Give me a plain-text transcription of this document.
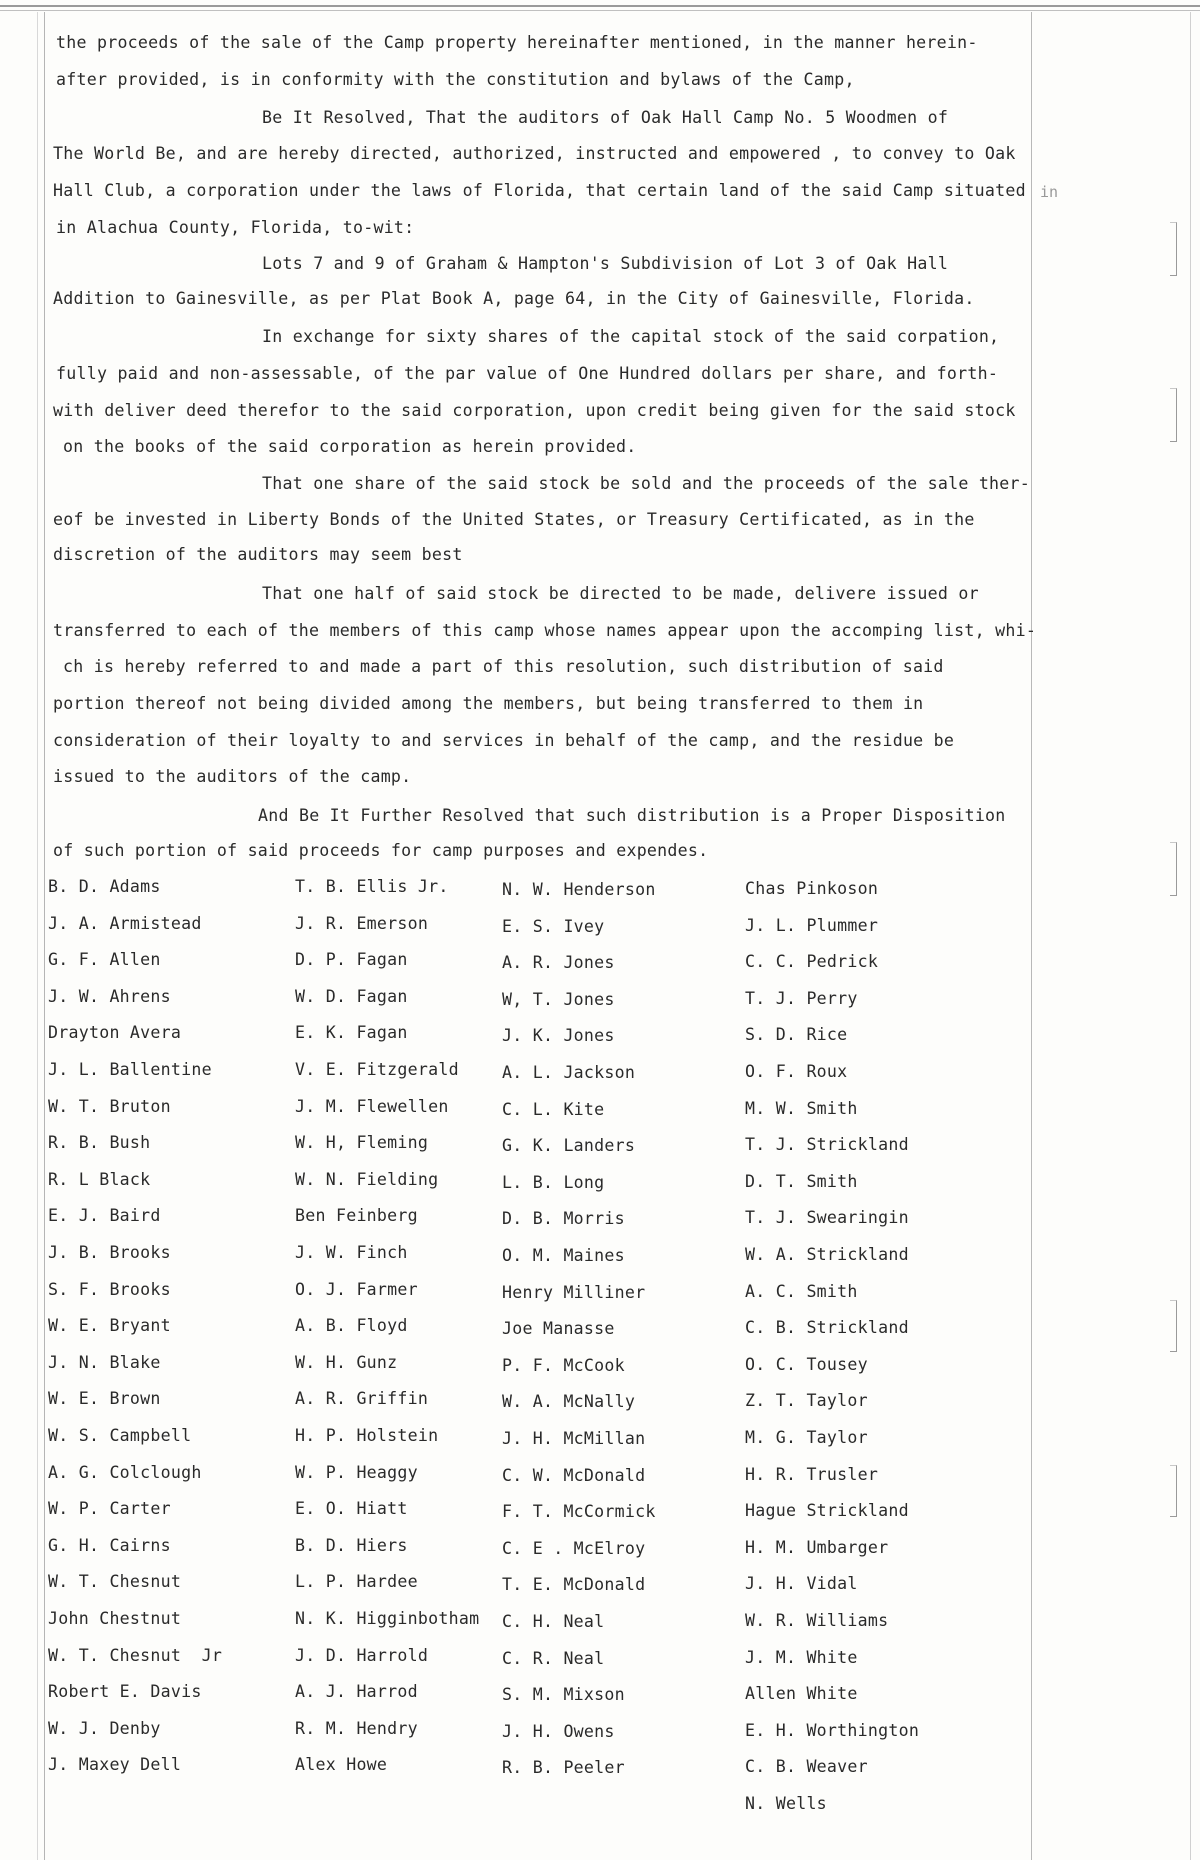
in
the proceeds of the sale of the Camp property hereinafter mentioned, in the manner herein-
after provided, is in conformity with the constitution and bylaws of the Camp,
Be It Resolved, That the auditors of Oak Hall Camp No. 5 Woodmen of
The World Be, and are hereby directed, authorized, instructed and empowered , to convey to Oak
Hall Club, a corporation under the laws of Florida, that certain land of the said Camp situated
in Alachua County, Florida, to-wit:
Lots 7 and 9 of Graham & Hampton's Subdivision of Lot 3 of Oak Hall
Addition to Gainesville, as per Plat Book A, page 64, in the City of Gainesville, Florida.
In exchange for sixty shares of the capital stock of the said corpation,
fully paid and non-assessable, of the par value of One Hundred dollars per share, and forth-
with deliver deed therefor to the said corporation, upon credit being given for the said stock
on the books of the said corporation as herein provided.
That one share of the said stock be sold and the proceeds of the sale ther-
eof be invested in Liberty Bonds of the United States, or Treasury Certificated, as in the
discretion of the auditors may seem best
That one half of said stock be directed to be made, delivere issued or
transferred to each of the members of this camp whose names appear upon the accomping list, whi-
ch is hereby referred to and made a part of this resolution, such distribution of said
portion thereof not being divided among the members, but being transferred to them in
consideration of their loyalty to and services in behalf of the camp, and the residue be
issued to the auditors of the camp.
And Be It Further Resolved that such distribution is a Proper Disposition
of such portion of said proceeds for camp purposes and expendes.
B. D. Adams
J. A. Armistead
G. F. Allen
J. W. Ahrens
Drayton Avera
J. L. Ballentine
W. T. Bruton
R. B. Bush
R. L Black
E. J. Baird
J. B. Brooks
S. F. Brooks
W. E. Bryant
J. N. Blake
W. E. Brown
W. S. Campbell
A. G. Colclough
W. P. Carter
G. H. Cairns
W. T. Chesnut
John Chestnut
W. T. Chesnut  Jr
Robert E. Davis
W. J. Denby
J. Maxey Dell
T. B. Ellis Jr.
J. R. Emerson
D. P. Fagan
W. D. Fagan
E. K. Fagan
V. E. Fitzgerald
J. M. Flewellen
W. H, Fleming
W. N. Fielding
Ben Feinberg
J. W. Finch
O. J. Farmer
A. B. Floyd
W. H. Gunz
A. R. Griffin
H. P. Holstein
W. P. Heaggy
E. O. Hiatt
B. D. Hiers
L. P. Hardee
N. K. Higginbotham
J. D. Harrold
A. J. Harrod
R. M. Hendry
Alex Howe
N. W. Henderson
E. S. Ivey
A. R. Jones
W, T. Jones
J. K. Jones
A. L. Jackson
C. L. Kite
G. K. Landers
L. B. Long
D. B. Morris
O. M. Maines
Henry Milliner
Joe Manasse
P. F. McCook
W. A. McNally
J. H. McMillan
C. W. McDonald
F. T. McCormick
C. E . McElroy
T. E. McDonald
C. H. Neal
C. R. Neal
S. M. Mixson
J. H. Owens
R. B. Peeler
Chas Pinkoson
J. L. Plummer
C. C. Pedrick
T. J. Perry
S. D. Rice
O. F. Roux
M. W. Smith
T. J. Strickland
D. T. Smith
T. J. Swearingin
W. A. Strickland
A. C. Smith
C. B. Strickland
O. C. Tousey
Z. T. Taylor
M. G. Taylor
H. R. Trusler
Hague Strickland
H. M. Umbarger
J. H. Vidal
W. R. Williams
J. M. White
Allen White
E. H. Worthington
C. B. Weaver
N. Wells
